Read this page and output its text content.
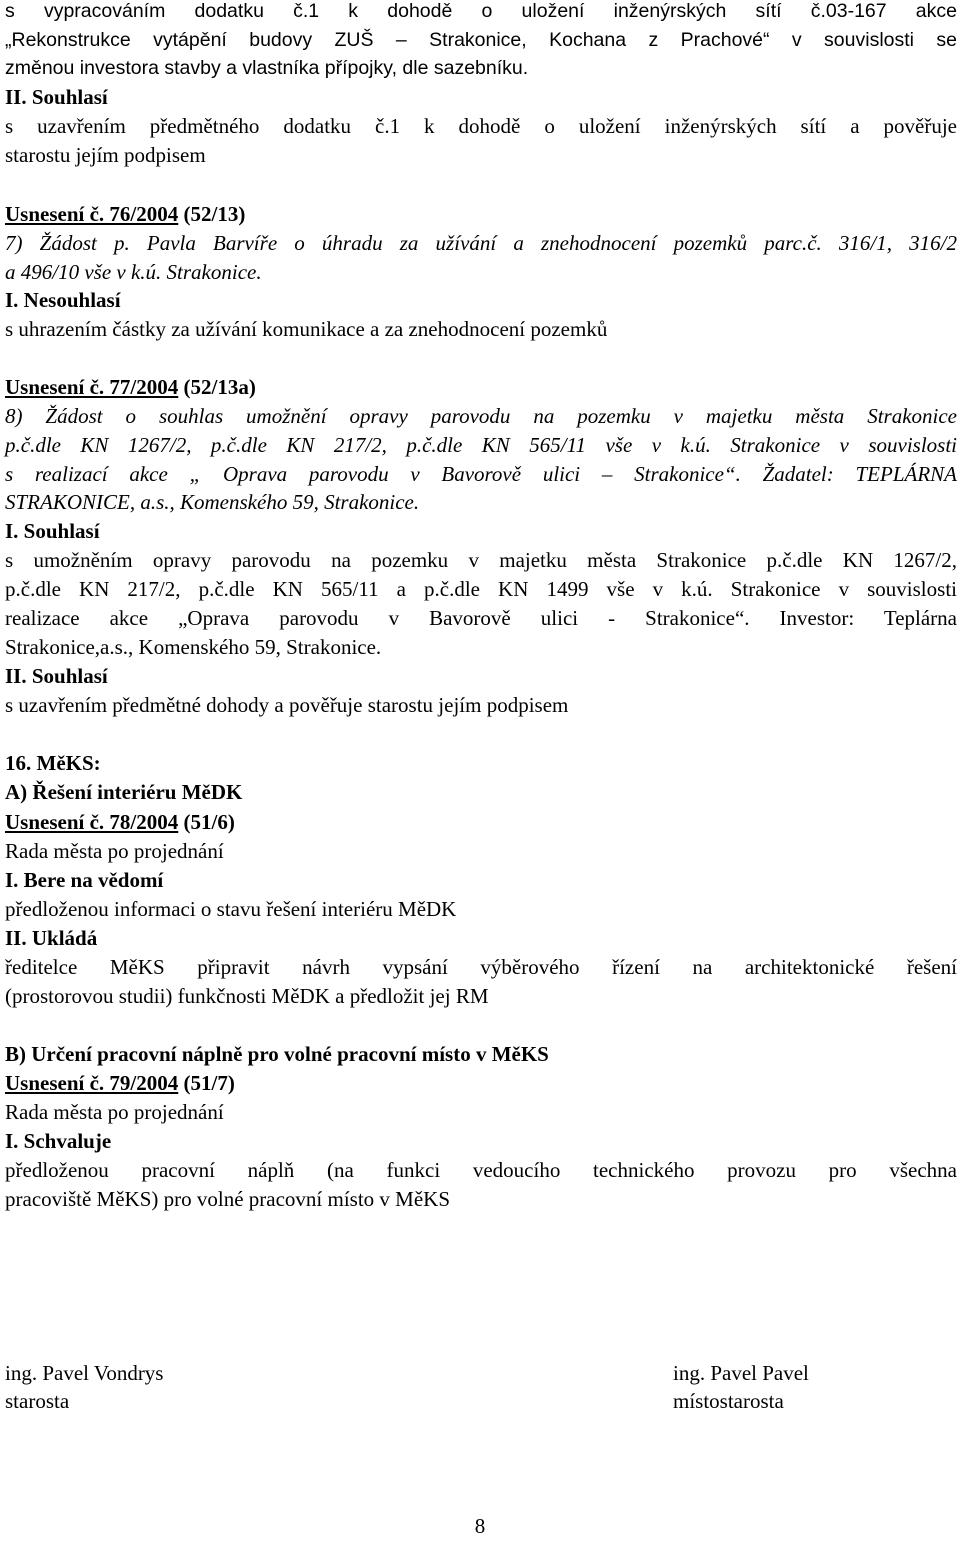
s vypracováním dodatku č.1 k dohodě o uložení inženýrských sítí č.03-167 akce
„Rekonstrukce vytápění budovy ZUŠ – Strakonice, Kochana z Prachové“ v souvislosti se
změnou investora stavby a vlastníka přípojky, dle sazebníku.
II. Souhlasí
s uzavřením předmětného dodatku č.1 k dohodě o uložení inženýrských sítí a pověřuje
starostu jejím podpisem
Usnesení č. 76/2004 (52/13)
7) Žádost p. Pavla Barvíře o úhradu za užívání a znehodnocení pozemků parc.č. 316/1, 316/2
a 496/10 vše v k.ú. Strakonice.
I. Nesouhlasí
s uhrazením částky za užívání komunikace a za znehodnocení pozemků
Usnesení č. 77/2004 (52/13a)
8) Žádost o souhlas umožnění opravy parovodu na pozemku v majetku města Strakonice
p.č.dle KN 1267/2, p.č.dle KN 217/2, p.č.dle KN 565/11 vše v k.ú. Strakonice v souvislosti
s realizací akce „ Oprava parovodu v Bavorově ulici – Strakonice“. Žadatel: TEPLÁRNA
STRAKONICE, a.s., Komenského 59, Strakonice.
I. Souhlasí
s umožněním opravy parovodu na pozemku v majetku města Strakonice p.č.dle KN 1267/2,
p.č.dle KN 217/2, p.č.dle KN 565/11 a p.č.dle KN 1499 vše v k.ú. Strakonice v souvislosti
realizace akce „Oprava parovodu v Bavorově ulici - Strakonice“. Investor: Teplárna
Strakonice,a.s., Komenského 59, Strakonice.
II. Souhlasí
s uzavřením předmětné dohody a pověřuje starostu jejím podpisem
16. MěKS:
A) Řešení interiéru MěDK
Usnesení č. 78/2004 (51/6)
Rada města po projednání
I. Bere na vědomí
předloženou informaci o stavu řešení interiéru MěDK
II. Ukládá
ředitelce MěKS připravit návrh vypsání výběrového řízení na architektonické řešení
(prostorovou studii) funkčnosti MěDK a předložit jej RM
B) Určení pracovní náplně pro volné pracovní místo v MěKS
Usnesení č. 79/2004 (51/7)
Rada města po projednání
I. Schvaluje
předloženou pracovní náplň (na funkci vedoucího technického provozu pro všechna
pracoviště MěKS) pro volné pracovní místo v MěKS
ing. Pavel Vondrys
starosta
ing. Pavel Pavel
místostarosta
8
